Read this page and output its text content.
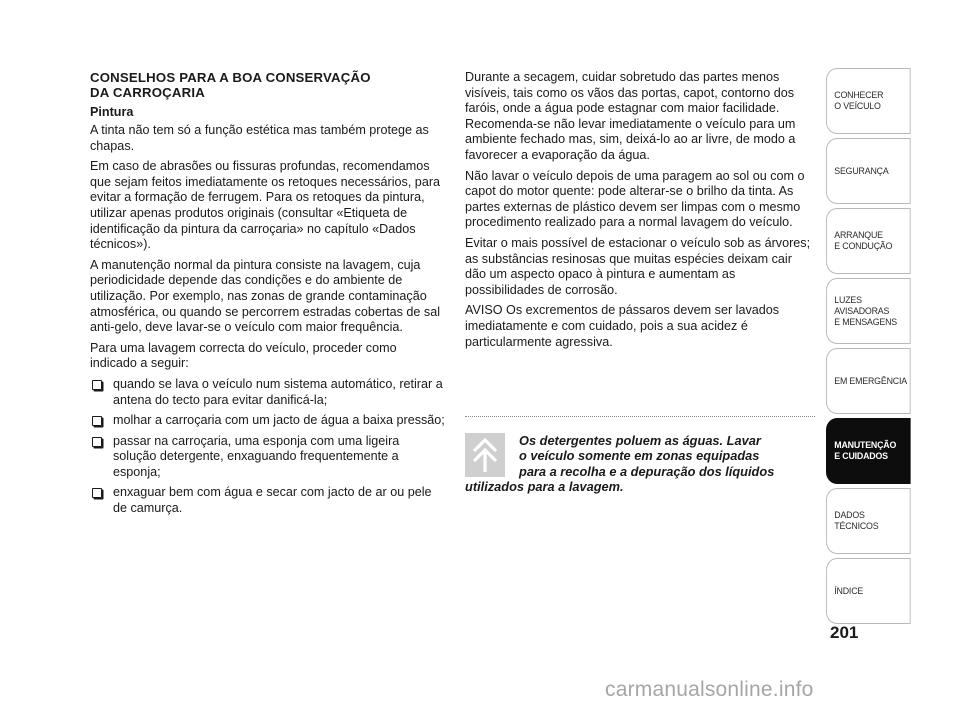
CONSELHOS PARA A BOA CONSERVAÇÃO
DA CARROÇARIA
Pintura

A tinta não tem só a função estética mas também protege as chapas.

Em caso de abrasões ou fissuras profundas, recomendamos que sejam feitos imediatamente os retoques necessários, para evitar a formação de ferrugem. Para os retoques da pintura, utilizar apenas produtos originais (consultar «Etiqueta de identificação da pintura da carroçaria» no capítulo «Dados técnicos»).

A manutenção normal da pintura consiste na lavagem, cuja periodicidade depende das condições e do ambiente de utilização. Por exemplo, nas zonas de grande contaminação atmosférica, ou quando se percorrem estradas cobertas de sal anti-gelo, deve lavar-se o veículo com maior frequência.

Para uma lavagem correcta do veículo, proceder como indicado a seguir:

quando se lava o veículo num sistema automático, retirar a antena do tecto para evitar danificá-la;
molhar a carroçaria com um jacto de água a baixa pressão;
passar na carroçaria, uma esponja com uma ligeira solução detergente, enxaguando frequentemente a esponja;
enxaguar bem com água e secar com jacto de ar ou pele de camurça.

Durante a secagem, cuidar sobretudo das partes menos visíveis, tais como os vãos das portas, capot, contorno dos faróis, onde a água pode estagnar com maior facilidade. Recomenda-se não levar imediatamente o veículo para um ambiente fechado mas, sim, deixá-lo ao ar livre, de modo a favorecer a evaporação da água.

Não lavar o veículo depois de uma paragem ao sol ou com o capot do motor quente: pode alterar-se o brilho da tinta. As partes externas de plástico devem ser limpas com o mesmo procedimento realizado para a normal lavagem do veículo.

Evitar o mais possível de estacionar o veículo sob as árvores; as substâncias resinosas que muitas espécies deixam cair dão um aspecto opaco à pintura e aumentam as possibilidades de corrosão.

AVISO Os excrementos de pássaros devem ser lavados imediatamente e com cuidado, pois a sua acidez é particularmente agressiva.

Os detergentes poluem as águas. Lavar
o veículo somente em zonas equipadas
para a recolha e a depuração dos líquidos
utilizados para a lavagem.
CONHECER
O VEÍCULO
SEGURANÇA
ARRANQUE
E CONDUÇÃO
LUZES
AVISADORAS
E MENSAGENS
EM EMERGÊNCIA
MANUTENÇÃO
E CUIDADOS
DADOS
TÉCNICOS
ÍNDICE
201
carmanualsonline.info
